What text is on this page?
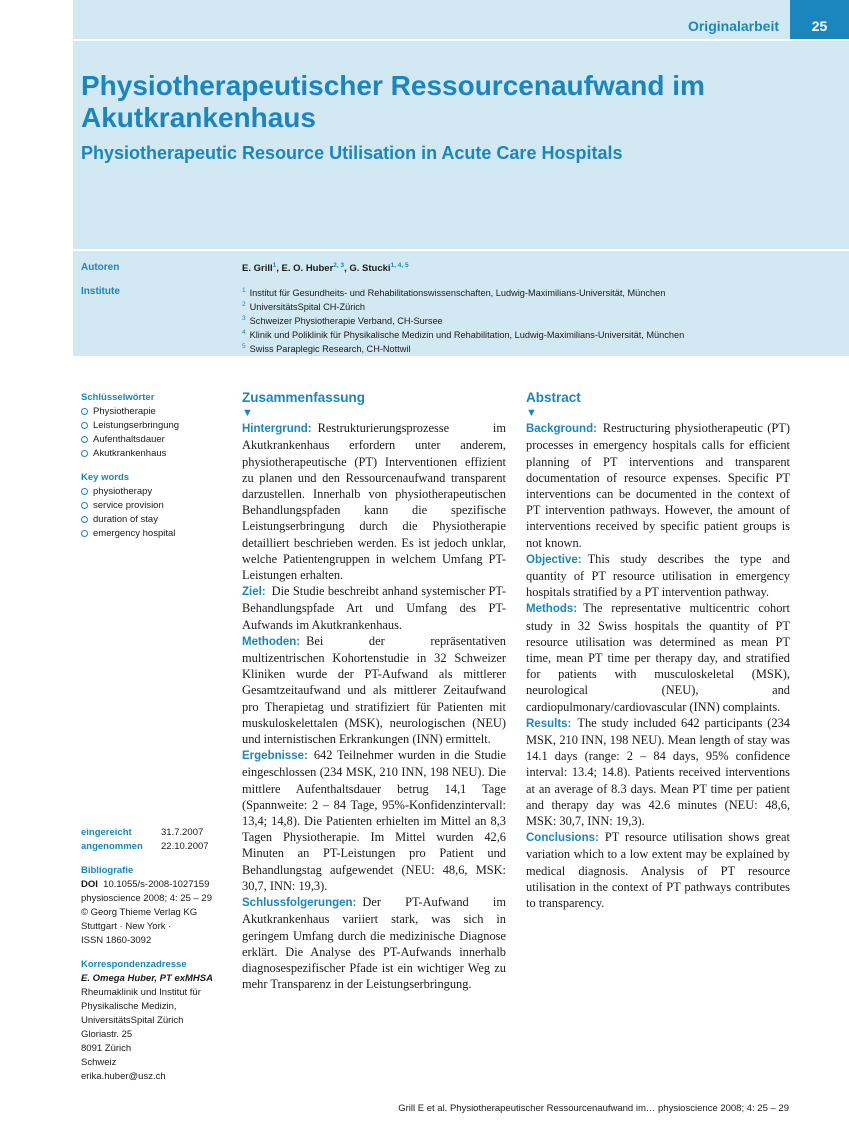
Originalarbeit	25
Physiotherapeutischer Ressourcenaufwand im Akutkrankenhaus
Physiotherapeutic Resource Utilisation in Acute Care Hospitals
Autoren
Institute
E. Grill$^1$, E. O. Huber$^{2, 3}$, G. Stucki$^{1, 4, 5}$
$^1$ Institut für Gesundheits- und Rehabilitationswissenschaften, Ludwig-Maximilians-Universität, München
$^2$ UniversitätsSpital CH-Zürich
$^3$ Schweizer Physiotherapie Verband, CH-Sursee
$^4$ Klinik und Poliklinik für Physikalische Medizin und Rehabilitation, Ludwig-Maximilians-Universität, München
$^5$ Swiss Paraplegic Research, CH-Nottwil
Schlüsselwörter
Physiotherapie
Leistungserbringung
Aufenthaltsdauer
Akutkrankenhaus
Key words
physiotherapy
service provision
duration of stay
emergency hospital
eingereicht	31.7.2007
angenommen 22.10.2007
Bibliografie
DOI 10.1055/s-2008-1027159
physioscience 2008; 4: 25 – 29
© Georg Thieme Verlag KG
Stuttgart · New York ·
ISSN 1860-3092
Korrespondenzadresse
E. Omega Huber, PT exMHSA
Rheumaklinik und Institut für
Physikalische Medizin,
UniversitätsSpital Zürich
Gloriastr. 25
8091 Zürich
Schweiz
erika.huber@usz.ch
Zusammenfassung
▼
Hintergrund: Restrukturierungsprozesse im Akutkrankenhaus erfordern unter anderem, physiotherapeutische (PT) Interventionen effizient zu planen und den Ressourcenaufwand transparent darzustellen. Innerhalb von physiotherapeutischen Behandlungspfaden kann die spezifische Leistungserbringung durch die Physiotherapie detailliert beschrieben werden. Es ist jedoch unklar, welche Patientengruppen in welchem Umfang PT-Leistungen erhalten.
Ziel: Die Studie beschreibt anhand systemischer PT-Behandlungspfade Art und Umfang des PT-Aufwands im Akutkrankenhaus.
Methoden: Bei der repräsentativen multizentrischen Kohortenstudie in 32 Schweizer Kliniken wurde der PT-Aufwand als mittlerer Gesamtzeitaufwand und als mittlerer Zeitaufwand pro Therapietag und stratifiziert für Patienten mit muskuloskelettalen (MSK), neurologischen (NEU) und internistischen Erkrankungen (INN) ermittelt.
Ergebnisse: 642 Teilnehmer wurden in die Studie eingeschlossen (234 MSK, 210 INN, 198 NEU). Die mittlere Aufenthaltsdauer betrug 14,1 Tage (Spannweite: 2 – 84 Tage, 95%-Konfidenzintervall: 13,4; 14,8). Die Patienten erhielten im Mittel an 8,3 Tagen Physiotherapie. Im Mittel wurden 42,6 Minuten an PT-Leistungen pro Patient und Behandlungstag aufgewendet (NEU: 48,6, MSK: 30,7, INN: 19,3).
Schlussfolgerungen: Der PT-Aufwand im Akutkrankenhaus variiert stark, was sich in geringem Umfang durch die medizinische Diagnose erklärt. Die Analyse des PT-Aufwands innerhalb diagnosespezifischer Pfade ist ein wichtiger Weg zu mehr Transparenz in der Leistungserbringung.
Abstract
▼
Background: Restructuring physiotherapeutic (PT) processes in emergency hospitals calls for efficient planning of PT interventions and transparent documentation of resource expenses. Specific PT interventions can be documented in the context of PT intervention pathways. However, the amount of interventions received by specific patient groups is not known.
Objective: This study describes the type and quantity of PT resource utilisation in emergency hospitals stratified by a PT intervention pathway.
Methods: The representative multicentric cohort study in 32 Swiss hospitals the quantity of PT resource utilisation was determined as mean PT time, mean PT time per therapy day, and stratified for patients with musculoskeletal (MSK), neurological (NEU), and cardiopulmonary/cardiovascular (INN) complaints.
Results: The study included 642 participants (234 MSK, 210 INN, 198 NEU). Mean length of stay was 14.1 days (range: 2 – 84 days, 95% confidence interval: 13.4; 14.8). Patients received interventions at an average of 8.3 days. Mean PT time per patient and therapy day was 42.6 minutes (NEU: 48,6, MSK: 30,7, INN: 19,3).
Conclusions: PT resource utilisation shows great variation which to a low extent may be explained by medical diagnosis. Analysis of PT resource utilisation in the context of PT pathways contributes to transparency.
Grill E et al. Physiotherapeutischer Ressourcenaufwand im… physioscience 2008; 4: 25 – 29
